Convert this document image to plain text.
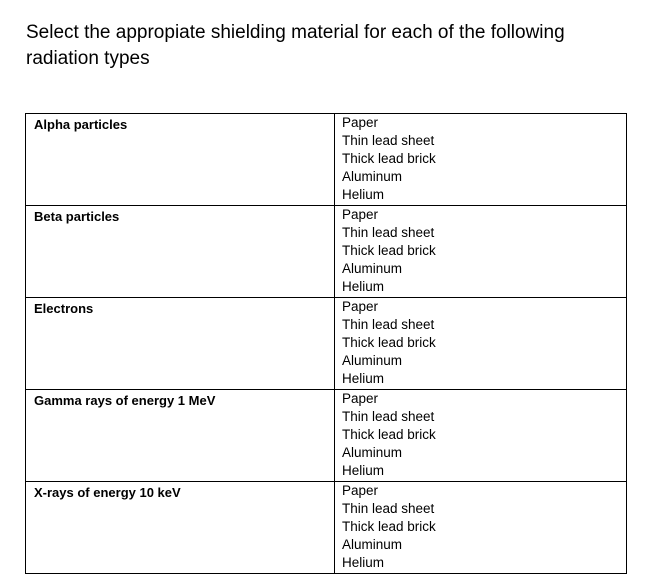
Select the appropiate shielding material for each of the following radiation types

Alpha particles	Paper
Thin lead sheet
Thick lead brick
Aluminum
Helium

Beta particles	Paper
Thin lead sheet
Thick lead brick
Aluminum
Helium

Electrons	Paper
Thin lead sheet
Thick lead brick
Aluminum
Helium

Gamma rays of energy 1 MeV	Paper
Thin lead sheet
Thick lead brick
Aluminum
Helium

X-rays of energy 10 keV	Paper
Thin lead sheet
Thick lead brick
Aluminum
Helium
